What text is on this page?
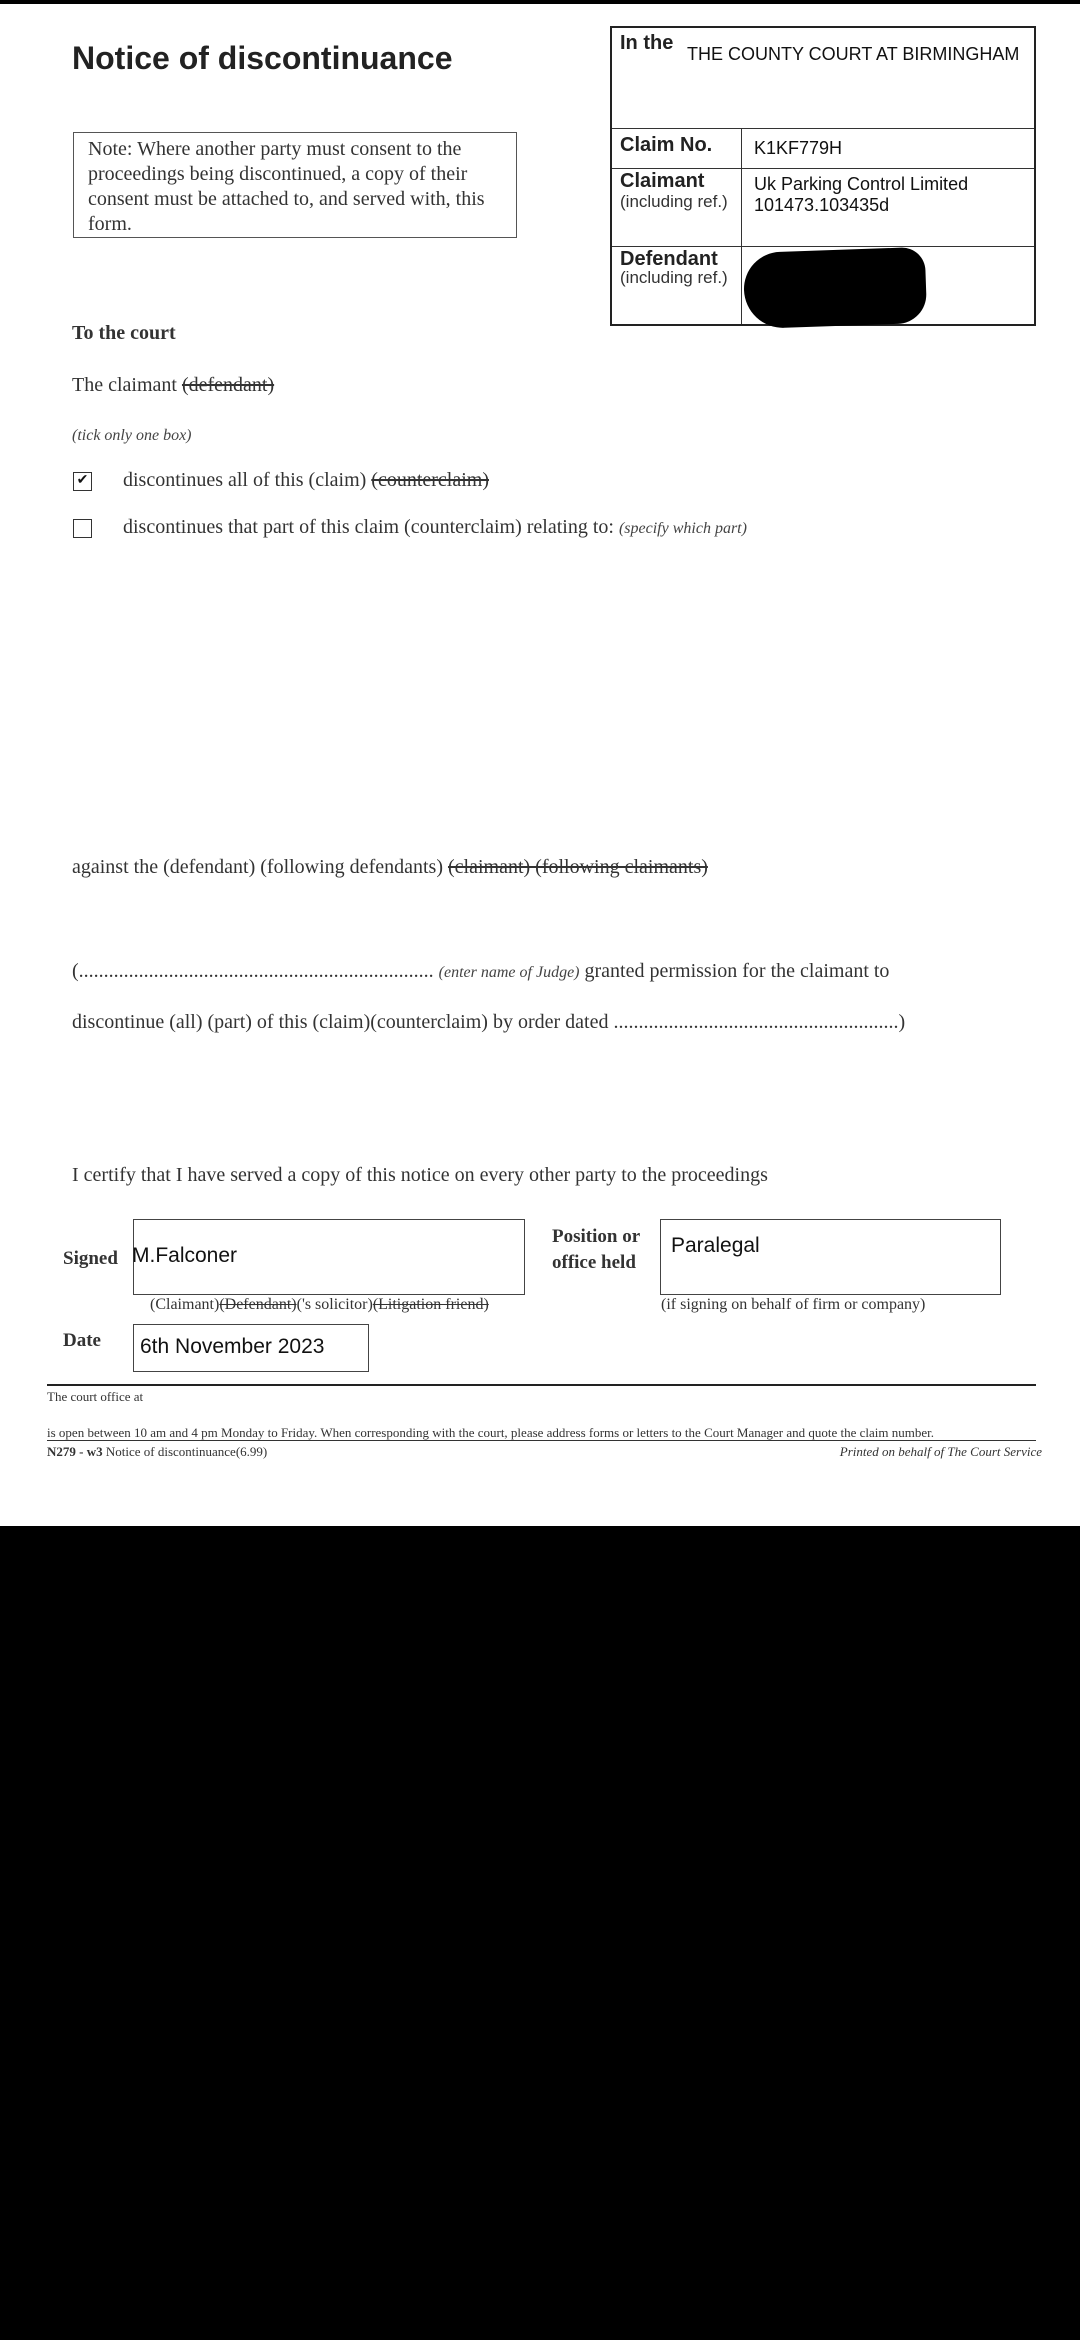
Notice of discontinuance
Note: Where another party must consent to the proceedings being discontinued, a copy of their consent must be attached to, and served with, this form.
In the THE COUNTY COURT AT BIRMINGHAM
Claim No. K1KF779H
Claimant
(including ref.)
Uk Parking Control Limited
101473.103435d
Defendant
(including ref.)
To the court
The claimant (defendant)
(tick only one box)
✔ discontinues all of this (claim) (counterclaim)
discontinues that part of this claim (counterclaim) relating to: (specify which part)
against the (defendant) (following defendants) (claimant) (following claimants)
(....................................................................... (enter name of Judge) granted permission for the claimant to
discontinue (all) (part) of this (claim)(counterclaim) by order dated .........................................................)
I certify that I have served a copy of this notice on every other party to the proceedings
Signed M.Falconer
(Claimant)(Defendant)('s solicitor)(Litigation friend)
Position or
office held
Paralegal
(if signing on behalf of firm or company)
Date 6th November 2023
The court office at
is open between 10 am and 4 pm Monday to Friday. When corresponding with the court, please address forms or letters to the Court Manager and quote the claim number.
N279 - w3 Notice of discontinuance(6.99)	Printed on behalf of The Court Service
